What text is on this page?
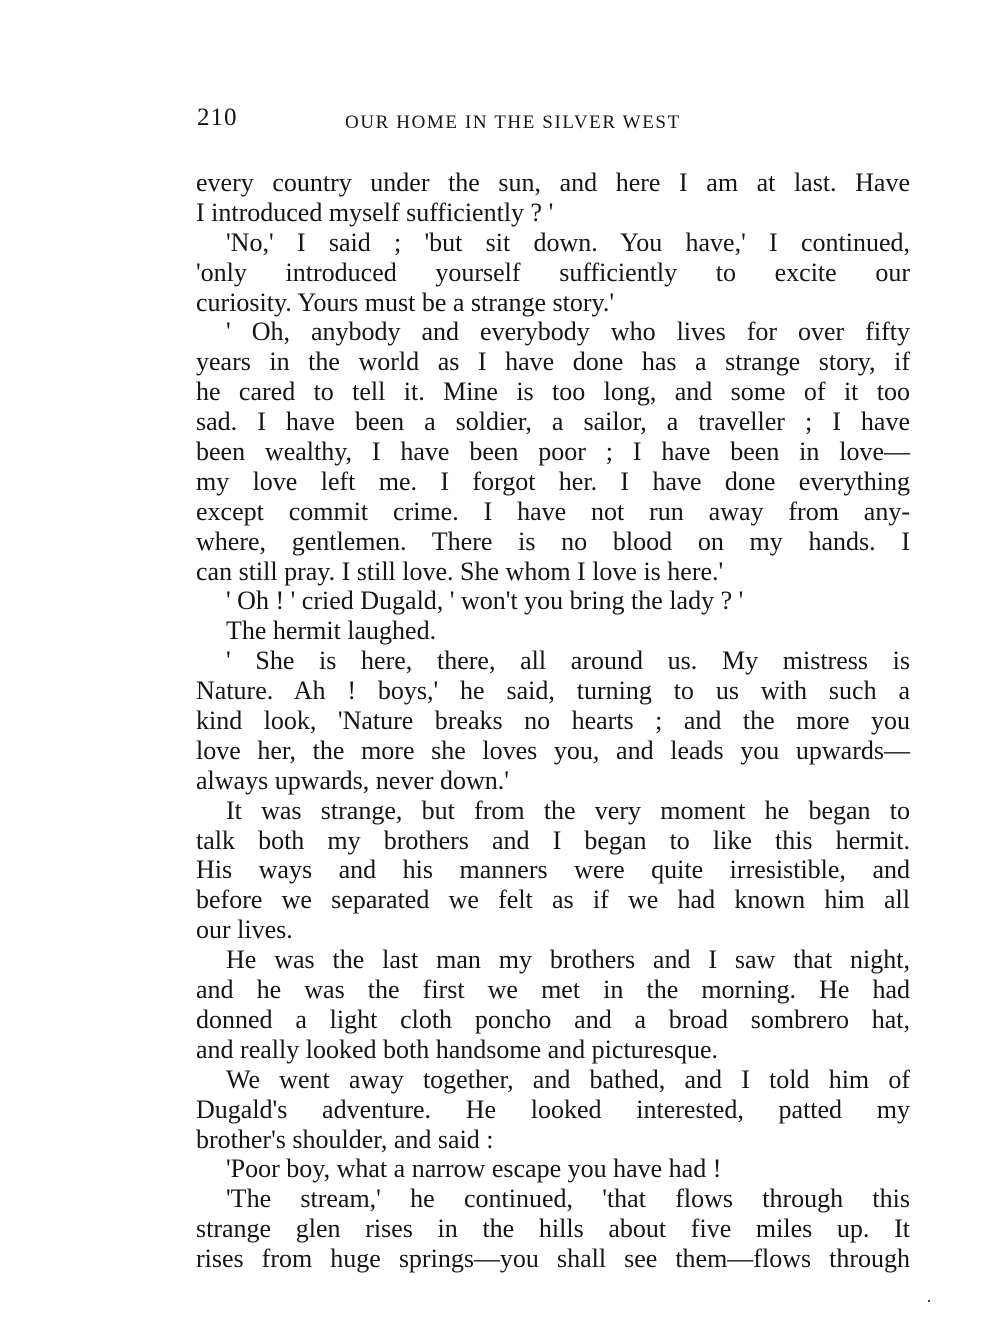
210	OUR HOME IN THE SILVER WEST
every country under the sun, and here I am at last. Have
I introduced myself sufficiently ? '
'No,' I said ; 'but sit down. You have,' I continued,
'only introduced yourself sufficiently to excite our
curiosity. Yours must be a strange story.'
' Oh, anybody and everybody who lives for over fifty
years in the world as I have done has a strange story, if
he cared to tell it. Mine is too long, and some of it too
sad. I have been a soldier, a sailor, a traveller ; I have
been wealthy, I have been poor ; I have been in love—
my love left me. I forgot her. I have done everything
except commit crime. I have not run away from any-
where, gentlemen. There is no blood on my hands. I
can still pray. I still love. She whom I love is here.'
' Oh ! ' cried Dugald, ' won't you bring the lady ? '
The hermit laughed.
' She is here, there, all around us. My mistress is
Nature. Ah ! boys,' he said, turning to us with such a
kind look, 'Nature breaks no hearts ; and the more you
love her, the more she loves you, and leads you upwards—
always upwards, never down.'
It was strange, but from the very moment he began to
talk both my brothers and I began to like this hermit.
His ways and his manners were quite irresistible, and
before we separated we felt as if we had known him all
our lives.
He was the last man my brothers and I saw that night,
and he was the first we met in the morning. He had
donned a light cloth poncho and a broad sombrero hat,
and really looked both handsome and picturesque.
We went away together, and bathed, and I told him of
Dugald's adventure. He looked interested, patted my
brother's shoulder, and said :
'Poor boy, what a narrow escape you have had !
'The stream,' he continued, 'that flows through this
strange glen rises in the hills about five miles up. It
rises from huge springs—you shall see them—flows through
